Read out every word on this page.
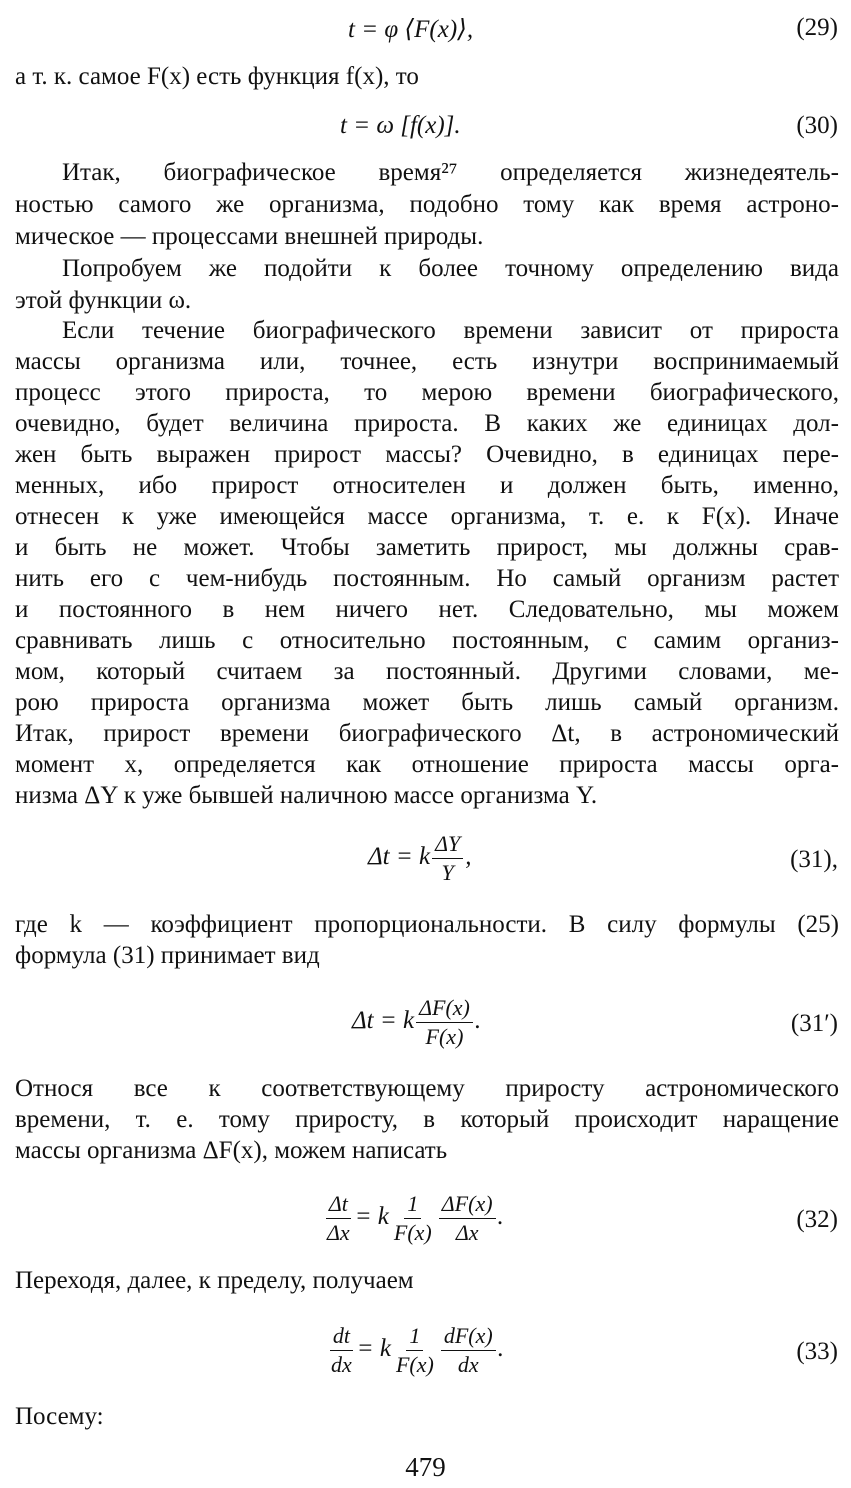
t = φ ⟨F(x)⟩,	(29)
а т. к. самое F(x) есть функция f(x), то
t = ω [f(x)].	(30)
Итак, биографическое время²⁷ определяется жизнедеятель-
ностью самого же организма, подобно тому как время астроно-
мическое — процессами внешней природы.
Попробуем же подойти к более точному определению вида
этой функции ω.
Если течение биографического времени зависит от прироста
массы организма или, точнее, есть изнутри воспринимаемый
процесс этого прироста, то мерою времени биографического,
очевидно, будет величина прироста. В каких же единицах дол-
жен быть выражен прирост массы? Очевидно, в единицах пере-
менных, ибо прирост относителен и должен быть, именно,
отнесен к уже имеющейся массе организма, т. е. к F(x). Иначе
и быть не может. Чтобы заметить прирост, мы должны срав-
нить его с чем-нибудь постоянным. Но самый организм растет
и постоянного в нем ничего нет. Следовательно, мы можем
сравнивать лишь с относительно постоянным, с самим организ-
мом, который считаем за постоянный. Другими словами, ме-
рою прироста организма может быть лишь самый организм.
Итак, прирост времени биографического Δt, в астрономический
момент x, определяется как отношение прироста массы орга-
низма ΔY к уже бывшей наличною массе организма Y.
Δt = k $\frac{\Delta Y}{Y}$ ,	(31),
где k — коэффициент пропорциональности. В силу формулы (25)
формула (31) принимает вид
Δt = k $\frac{\Delta F(x)}{F(x)}$ .	(31′)
Относя все к соответствующему приросту астрономического
времени, т. е. тому приросту, в который происходит наращение
массы организма ΔF(x), можем написать
$\frac{\Delta t}{\Delta x} = k \frac{1}{F(x)} \frac{\Delta F(x)}{\Delta x}$ .	(32)
Переходя, далее, к пределу, получаем
$\frac{dt}{dx} = k \frac{1}{F(x)} \frac{dF(x)}{dx}$ .	(33)
Посему:
479
